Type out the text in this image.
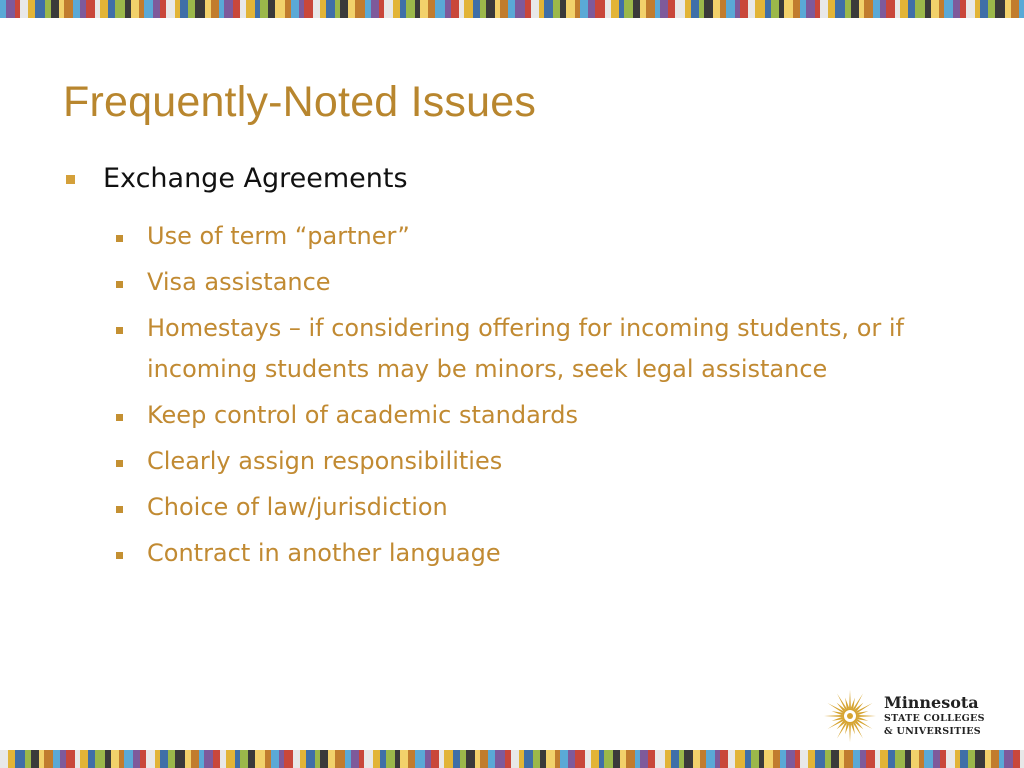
Frequently-Noted Issues
Exchange Agreements
Use of term “partner”
Visa assistance
Homestays – if considering offering for incoming students, or if incoming students may be minors, seek legal assistance
Keep control of academic standards
Clearly assign responsibilities
Choice of law/jurisdiction
Contract in another language
Minnesota
STATE COLLEGES
& UNIVERSITIES
